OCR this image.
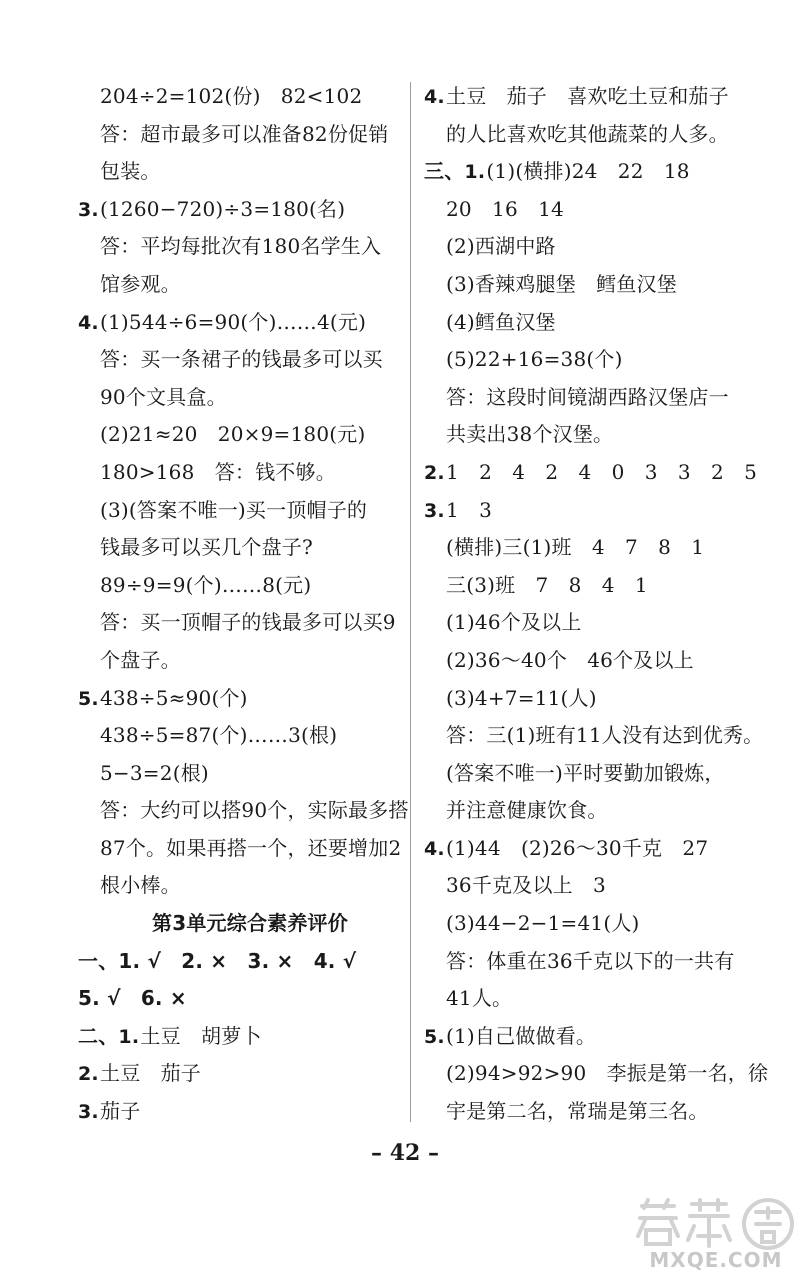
204÷2=102(份)　82<102
答：超市最多可以准备82份促销
包装。
3.(1260−720)÷3=180(名)
答：平均每批次有180名学生入
馆参观。
4.(1)544÷6=90(个)……4(元)
答：买一条裙子的钱最多可以买
90个文具盒。
(2)21≈20　20×9=180(元)
180>168　答：钱不够。
(3)(答案不唯一)买一顶帽子的
钱最多可以买几个盘子?
89÷9=9(个)……8(元)
答：买一顶帽子的钱最多可以买9
个盘子。
5.438÷5≈90(个)
438÷5=87(个)……3(根)
5−3=2(根)
答：大约可以搭90个，实际最多搭
87个。如果再搭一个，还要增加2
根小棒。
第3单元综合素养评价
一、1. √　2. ×　3. ×　4. √
5. √　6. ×
二、1.土豆　胡萝卜
2.土豆　茄子
3.茄子
4.土豆　茄子　喜欢吃土豆和茄子
的人比喜欢吃其他蔬菜的人多。
三、1.(1)(横排)24　22　18
20　16　14
(2)西湖中路
(3)香辣鸡腿堡　鳕鱼汉堡
(4)鳕鱼汉堡
(5)22+16=38(个)
答：这段时间镜湖西路汉堡店一
共卖出38个汉堡。
2.1　2　4　2　4　0　3　3　2　5
3.1　3
(横排)三(1)班　4　7　8　1
三(3)班　7　8　4　1
(1)46个及以上
(2)36～40个　46个及以上
(3)4+7=11(人)
答：三(1)班有11人没有达到优秀。
(答案不唯一)平时要勤加锻炼，
并注意健康饮食。
4.(1)44　(2)26～30千克　27
36千克及以上　3
(3)44−2−1=41(人)
答：体重在36千克以下的一共有
41人。
5.(1)自己做做看。
(2)94>92>90　李振是第一名，徐
宇是第二名，常瑞是第三名。
– 42 –
MXQE.COM
